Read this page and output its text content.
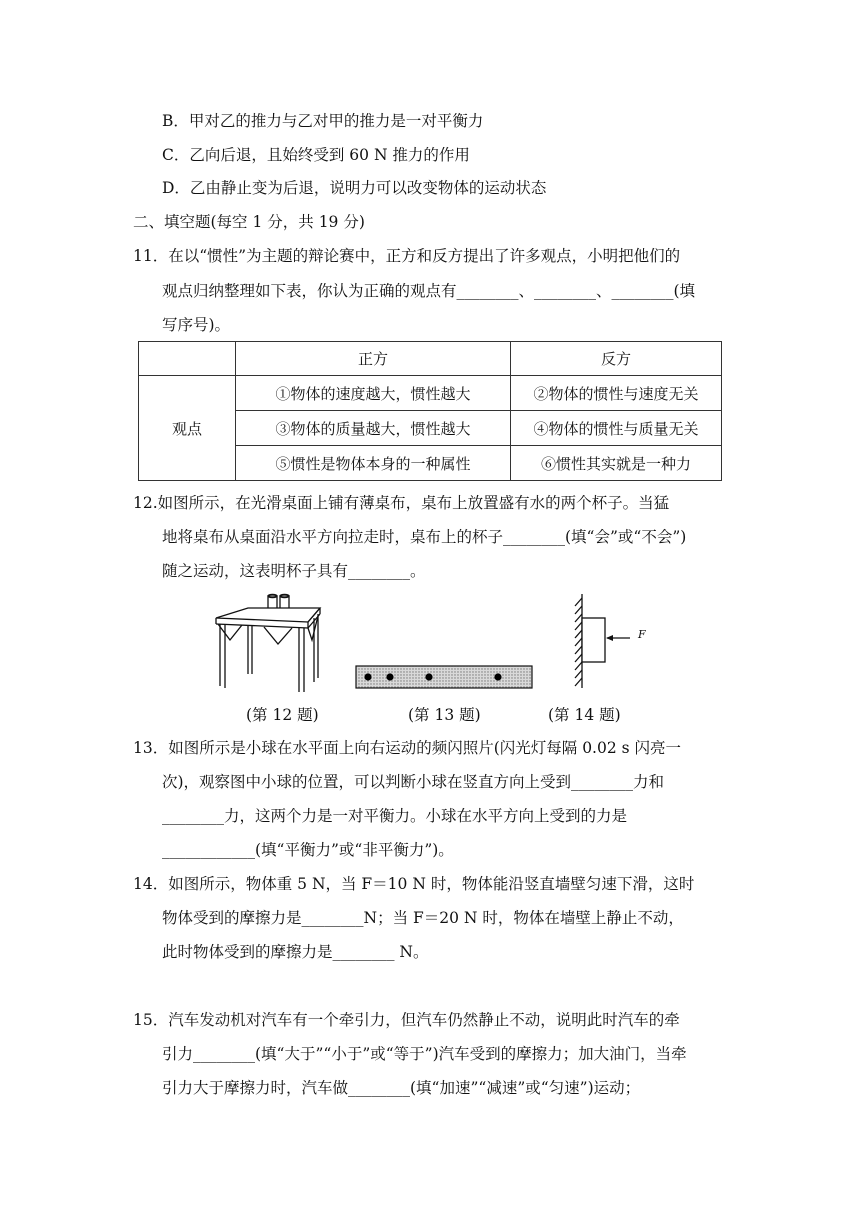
B．甲对乙的推力与乙对甲的推力是一对平衡力
C．乙向后退，且始终受到 60 N 推力的作用
D．乙由静止变为后退，说明力可以改变物体的运动状态
二、填空题(每空 1 分，共 19 分)
11．在以“惯性”为主题的辩论赛中，正方和反方提出了许多观点，小明把他们的
观点归纳整理如下表，你认为正确的观点有________、________、________(填
写序号)。
	正方	反方
观点	①物体的速度越大，惯性越大	②物体的惯性与速度无关
	③物体的质量越大，惯性越大	④物体的惯性与质量无关
	⑤惯性是物体本身的一种属性	⑥惯性其实就是一种力
12.如图所示，在光滑桌面上铺有薄桌布，桌布上放置盛有水的两个杯子。当猛
地将桌布从桌面沿水平方向拉走时，桌布上的杯子________(填“会”或“不会”)
随之运动，这表明杯子具有________。
F
(第 12 题)	(第 13 题)	(第 14 题)
13．如图所示是小球在水平面上向右运动的频闪照片(闪光灯每隔 0.02 s 闪亮一
次)，观察图中小球的位置，可以判断小球在竖直方向上受到________力和
________力，这两个力是一对平衡力。小球在水平方向上受到的力是
____________(填“平衡力”或“非平衡力”)。
14．如图所示，物体重 5 N，当 F＝10 N 时，物体能沿竖直墙壁匀速下滑，这时
物体受到的摩擦力是________N；当 F＝20 N 时，物体在墙壁上静止不动，
此时物体受到的摩擦力是________ N。
15．汽车发动机对汽车有一个牵引力，但汽车仍然静止不动，说明此时汽车的牵
引力________(填“大于”“小于”或“等于”)汽车受到的摩擦力；加大油门，当牵
引力大于摩擦力时，汽车做________(填“加速”“减速”或“匀速”)运动；
